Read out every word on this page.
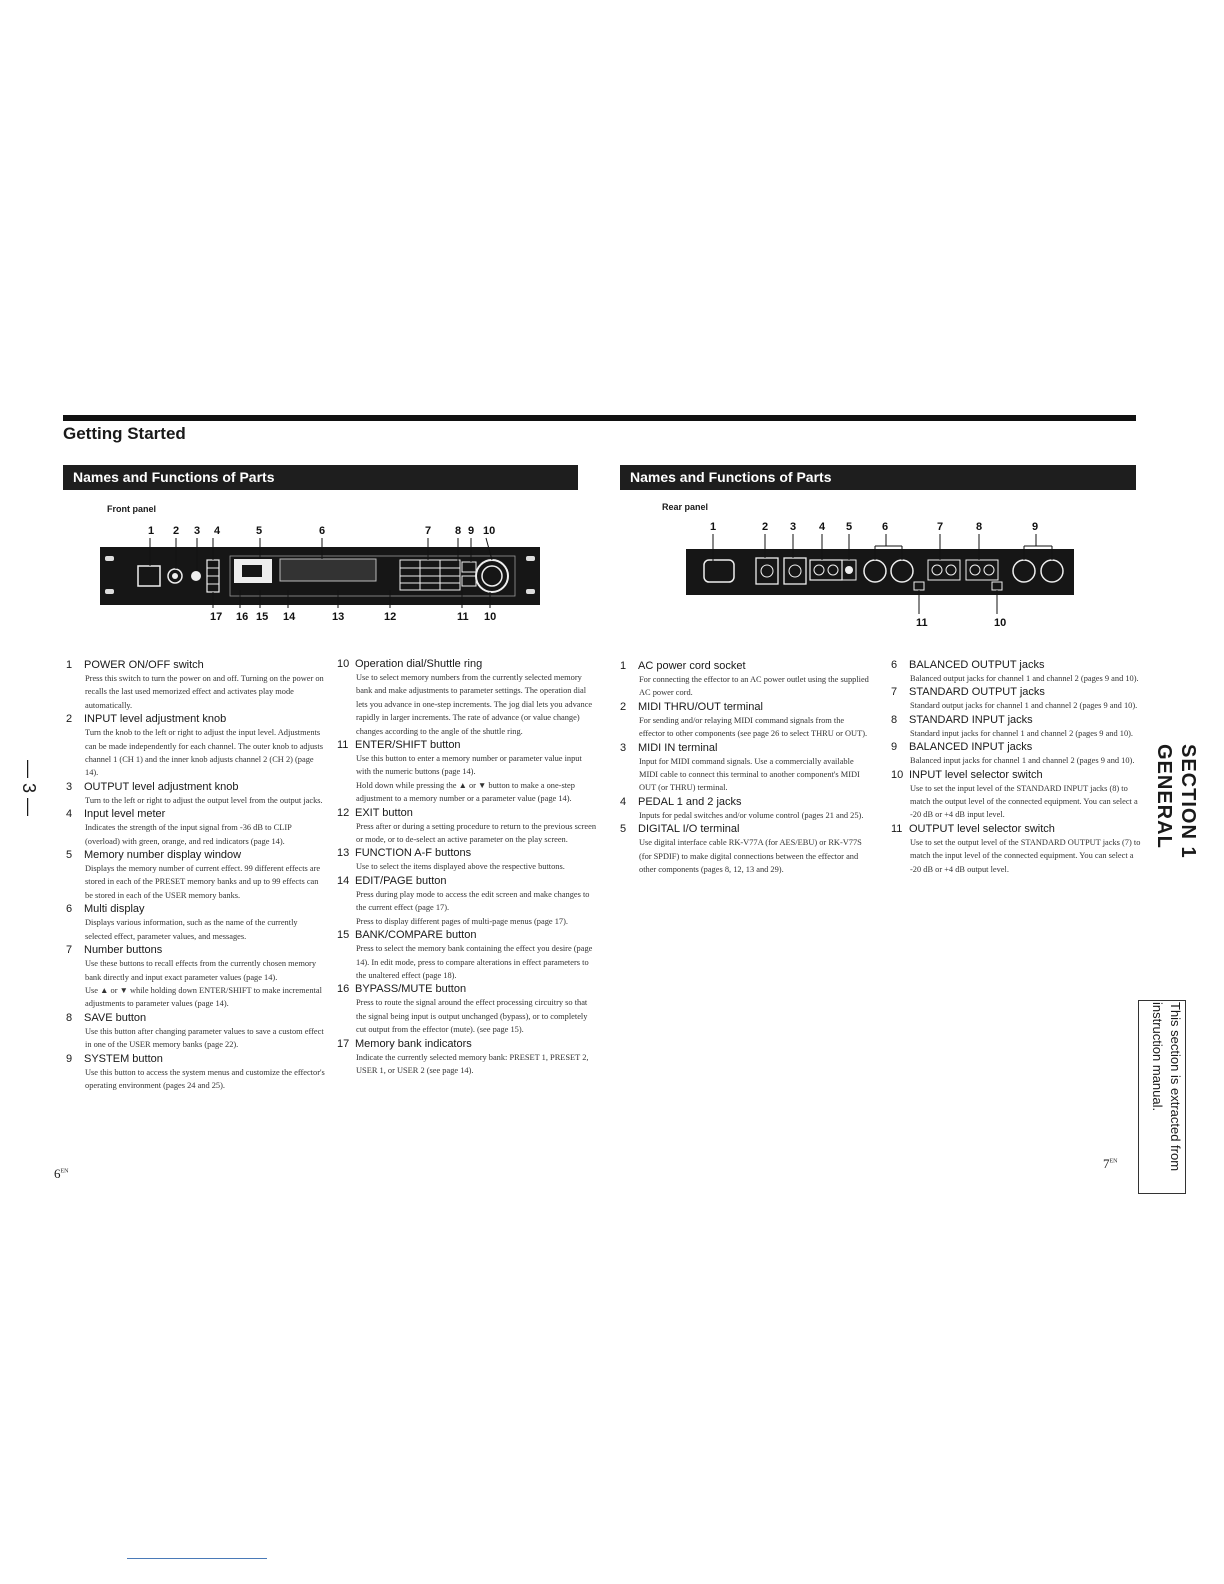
Getting Started
Names and Functions of Parts	Names and Functions of Parts
Front panel	Rear panel
1 2 3 4	5	6	7 8 9 10
17 16 15 14	13	12	11 10
1	2 3 4 5	6	7	8	9
11	10
1	POWER ON/OFF switch
Press this switch to turn the power on and off. Turning on the power on recalls the last used memorized effect and activates play mode automatically.
2	INPUT level adjustment knob
Turn the knob to the left or right to adjust the input level. Adjustments can be made independently for each channel. The outer knob to adjusts channel 1 (CH 1) and the inner knob adjusts channel 2 (CH 2) (page 14).
3	OUTPUT level adjustment knob
Turn to the left or right to adjust the output level from the output jacks.
4	Input level meter
Indicates the strength of the input signal from -36 dB to CLIP (overload) with green, orange, and red indicators (page 14).
5	Memory number display window
Displays the memory number of current effect. 99 different effects are stored in each of the PRESET memory banks and up to 99 effects can be stored in each of the USER memory banks.
6	Multi display
Displays various information, such as the name of the currently selected effect, parameter values, and messages.
7	Number buttons
Use these buttons to recall effects from the currently chosen memory bank directly and input exact parameter values (page 14).
Use ▲ or ▼ while holding down ENTER/SHIFT to make incremental adjustments to parameter values (page 14).
8	SAVE button
Use this button after changing parameter values to save a custom effect in one of the USER memory banks (page 22).
9	SYSTEM button
Use this button to access the system menus and customize the effector's operating environment (pages 24 and 25).
10 Operation dial/Shuttle ring
Use to select memory numbers from the currently selected memory bank and make adjustments to parameter settings. The operation dial lets you advance in one-step increments. The jog dial lets you advance rapidly in larger increments. The rate of advance (or value change) changes according to the angle of the shuttle ring.
11 ENTER/SHIFT button
Use this button to enter a memory number or parameter value input with the numeric buttons (page 14).
Hold down while pressing the ▲ or ▼ button to make a one-step adjustment to a memory number or a parameter value (page 14).
12 EXIT button
Press after or during a setting procedure to return to the previous screen or mode, or to de-select an active parameter on the play screen.
13 FUNCTION A-F buttons
Use to select the items displayed above the respective buttons.
14 EDIT/PAGE button
Press during play mode to access the edit screen and make changes to the current effect (page 17).
Press to display different pages of multi-page menus (page 17).
15 BANK/COMPARE button
Press to select the memory bank containing the effect you desire (page 14). In edit mode, press to compare alterations in effect parameters to the unaltered effect (page 18).
16 BYPASS/MUTE button
Press to route the signal around the effect processing circuitry so that the signal being input is output unchanged (bypass), or to completely cut output from the effector (mute). (see page 15).
17 Memory bank indicators
Indicate the currently selected memory bank: PRESET 1, PRESET 2, USER 1, or USER 2 (see page 14).
1	AC power cord socket
For connecting the effector to an AC power outlet using the supplied AC power cord.
2	MIDI THRU/OUT terminal
For sending and/or relaying MIDI command signals from the effector to other components (see page 26 to select THRU or OUT).
3	MIDI IN terminal
Input for MIDI command signals. Use a commercially available MIDI cable to connect this terminal to another component's MIDI OUT (or THRU) terminal.
4	PEDAL 1 and 2 jacks
Inputs for pedal switches and/or volume control (pages 21 and 25).
5	DIGITAL I/O terminal
Use digital interface cable RK-V77A (for AES/EBU) or RK-V77S (for SPDIF) to make digital connections between the effector and other components (pages 8, 12, 13 and 29).
6	BALANCED OUTPUT jacks
Balanced output jacks for channel 1 and channel 2 (pages 9 and 10).
7	STANDARD OUTPUT jacks
Standard output jacks for channel 1 and channel 2 (pages 9 and 10).
8	STANDARD INPUT jacks
Standard input jacks for channel 1 and channel 2 (pages 9 and 10).
9	BALANCED INPUT jacks
Balanced input jacks for channel 1 and channel 2 (pages 9 and 10).
10 INPUT level selector switch
Use to set the input level of the STANDARD INPUT jacks (8) to match the output level of the connected equipment. You can select a -20 dB or +4 dB input level.
11 OUTPUT level selector switch
Use to set the output level of the STANDARD OUTPUT jacks (7) to match the input level of the connected equipment. You can select a -20 dB or +4 dB output level.
$6^{EN}$
$7^{EN}$
SECTION 1
GENERAL
This section is extracted from instruction manual.
— 3 —
